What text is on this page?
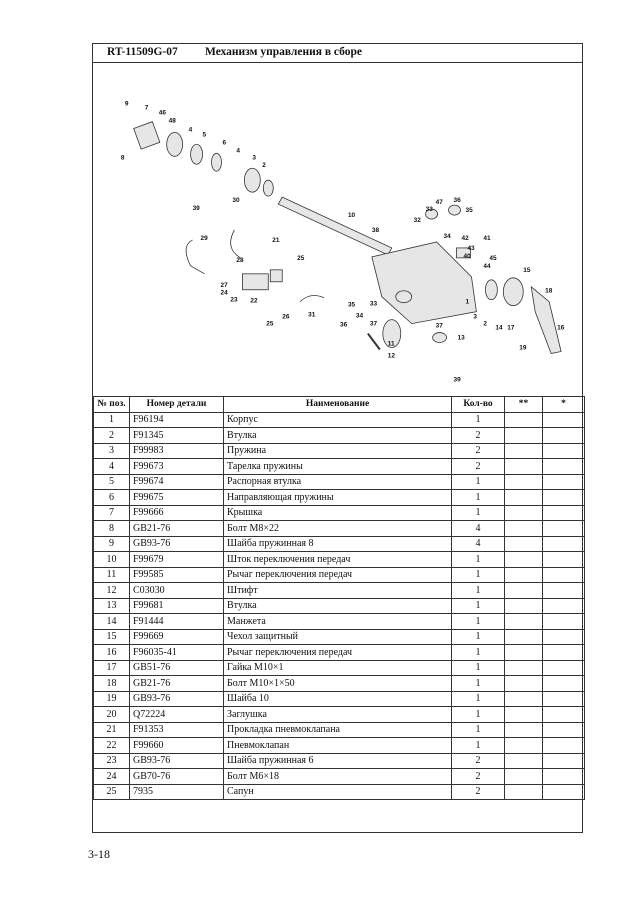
RT-11509G-07 Механизм управления в сборе
9
7
46
48
4
5
6
4
3
2
8
39
30
10
38
29
28
21
27
24
23 22
26
25
25
31
35
34
36
33
37
12
11
47
33
32
36
35
34 42
43
41
40	45
44
3
37
13
1
2
14 17
15
16
18
19
39
№ поз.	Номер детали	Наименование	Кол-во	**	*
1	F96194	Корпус	1		
2	F91345	Втулка	2		
3	F99983	Пружина	2		
4	F99673	Тарелка пружины	2		
5	F99674	Распорная втулка	1		
6	F99675	Направляющая пружины	1		
7	F99666	Крышка	1		
8	GB21-76	Болт М8×22	4		
9	GB93-76	Шайба пружинная 8	4		
10	F99679	Шток переключения передач	1		
11	F99585	Рычаг переключения передач	1		
12	C03030	Штифт	1		
13	F99681	Втулка	1		
14	F91444	Манжета	1		
15	F99669	Чехол защитный	1		
16	F96035-41	Рычаг переключения передач	1		
17	GB51-76	Гайка М10×1	1		
18	GB21-76	Болт М10×1×50	1		
19	GB93-76	Шайба 10	1		
20	Q72224	Заглушка	1		
21	F91353	Прокладка пневмоклапана	1		
22	F99660	Пневмоклапан	1		
23	GB93-76	Шайба пружинная 6	2		
24	GB70-76	Болт М6×18	2		
25	7935	Сапун	2		
3-18
